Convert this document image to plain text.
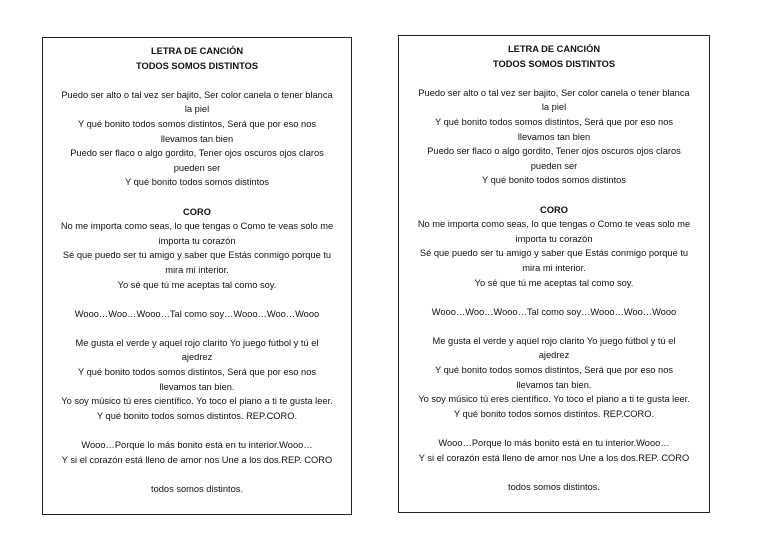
LETRA DE CANCIÓN
TODOS SOMOS DISTINTOS
Puedo ser alto o tal vez ser bajito, Ser color canela o tener blanca
la piel
Y qué bonito todos somos distintos, Será que por eso nos
llevamos tan bien
Puedo ser flaco o algo gordito, Tener ojos oscuros ojos claros
pueden ser
Y qué bonito todos somos distintos
CORO
No me importa como seas, lo que tengas o Como te veas solo me
importa tu corazón
Sé que puedo ser tu amigo y saber que Estás conmigo porque tu
mira mi interior.
Yo sé que tú me aceptas tal como soy.
Wooo…Woo…Wooo…Tal como soy…Wooo…Woo…Wooo
Me gusta el verde y aquel rojo clarito Yo juego fútbol y tú el
ajedrez
Y qué bonito todos somos distintos, Será que por eso nos
llevamos tan bien.
Yo soy músico tú eres científico. Yo toco el piano a ti te gusta leer.
Y qué bonito todos somos distintos. REP.CORO.
Wooo…Porque lo más bonito está en tu interior.Wooo…
Y si el corazón está lleno de amor nos Une a los dos.REP. CORO
todos somos distintos.
LETRA DE CANCIÓN
TODOS SOMOS DISTINTOS
Puedo ser alto o tal vez ser bajito, Ser color canela o tener blanca
la piel
Y qué bonito todos somos distintos, Será que por eso nos
llevamos tan bien
Puedo ser flaco o algo gordito, Tener ojos oscuros ojos claros
pueden ser
Y qué bonito todos somos distintos
CORO
No me importa como seas, lo que tengas o Como te veas solo me
importa tu corazón
Sé que puedo ser tu amigo y saber que Estás conmigo porque tu
mira mi interior.
Yo sé que tú me aceptas tal como soy.
Wooo…Woo…Wooo…Tal como soy…Wooo…Woo…Wooo
Me gusta el verde y aquel rojo clarito Yo juego fútbol y tú el
ajedrez
Y qué bonito todos somos distintos, Será que por eso nos
llevamos tan bien.
Yo soy músico tú eres científico. Yo toco el piano a ti te gusta leer.
Y qué bonito todos somos distintos. REP.CORO.
Wooo…Porque lo más bonito está en tu interior.Wooo…
Y si el corazón está lleno de amor nos Une a los dos.REP. CORO
todos somos distintos.
